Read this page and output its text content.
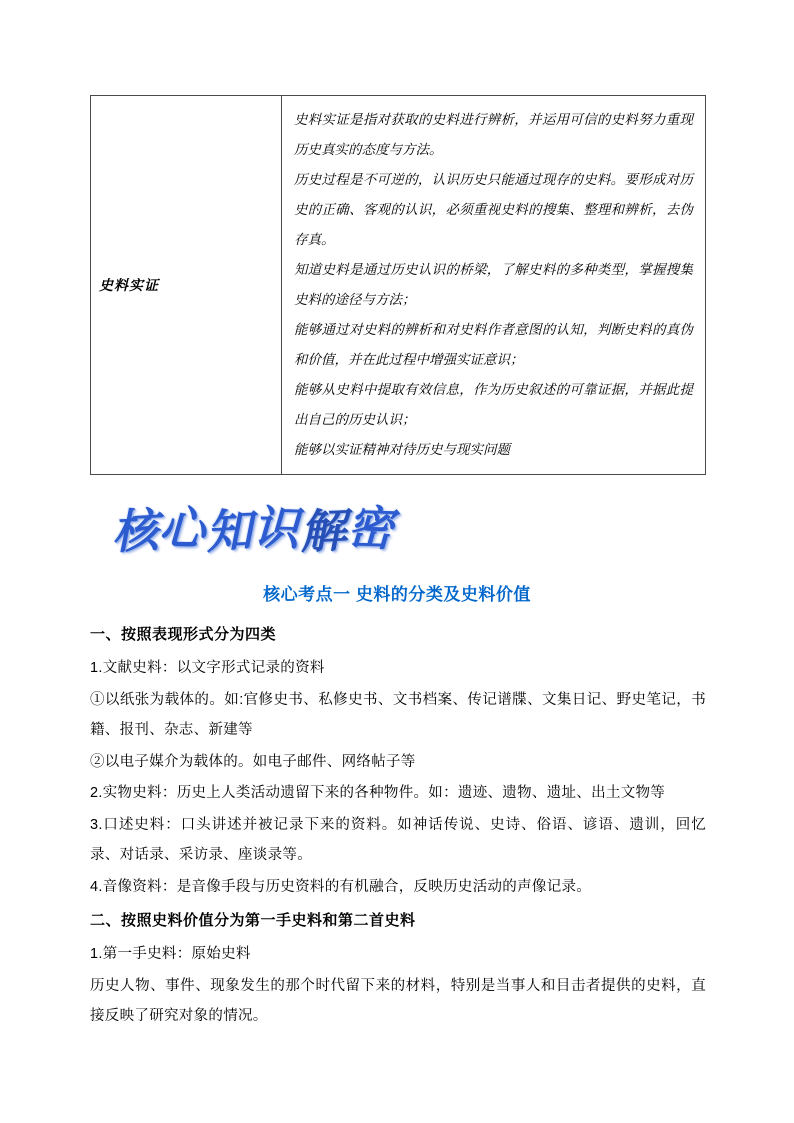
史料实证

史料实证是指对获取的史料进行辨析，并运用可信的史料努力重现历史真实的态度与方法。

历史过程是不可逆的，认识历史只能通过现存的史料。要形成对历史的正确、客观的认识，必须重视史料的搜集、整理和辨析，去伪存真。

知道史料是通过历史认识的桥梁，了解史料的多种类型，掌握搜集史料的途径与方法；

能够通过对史料的辨析和对史料作者意图的认知，判断史料的真伪和价值，并在此过程中增强实证意识；

能够从史料中提取有效信息，作为历史叙述的可靠证据，并据此提出自己的历史认识；

能够以实证精神对待历史与现实问题

核
心
知
识
解
密
核心考点一 史料的分类及史料价值
一、按照表现形式分为四类

1.文献史料：以文字形式记录的资料

①以纸张为载体的。如:官修史书、私修史书、文书档案、传记谱牒、文集日记、野史笔记，书籍、报刊、杂志、新建等

②以电子媒介为载体的。如电子邮件、网络帖子等

2.实物史料：历史上人类活动遗留下来的各种物件。如：遗迹、遗物、遗址、出土文物等

3.口述史料：口头讲述并被记录下来的资料。如神话传说、史诗、俗语、谚语、遗训，回忆录、对话录、采访录、座谈录等。

4.音像资料：是音像手段与历史资料的有机融合，反映历史活动的声像记录。

二、按照史料价值分为第一手史料和第二首史料

1.第一手史料：原始史料

历史人物、事件、现象发生的那个时代留下来的材料，特别是当事人和目击者提供的史料，直接反映了研究对象的情况。
